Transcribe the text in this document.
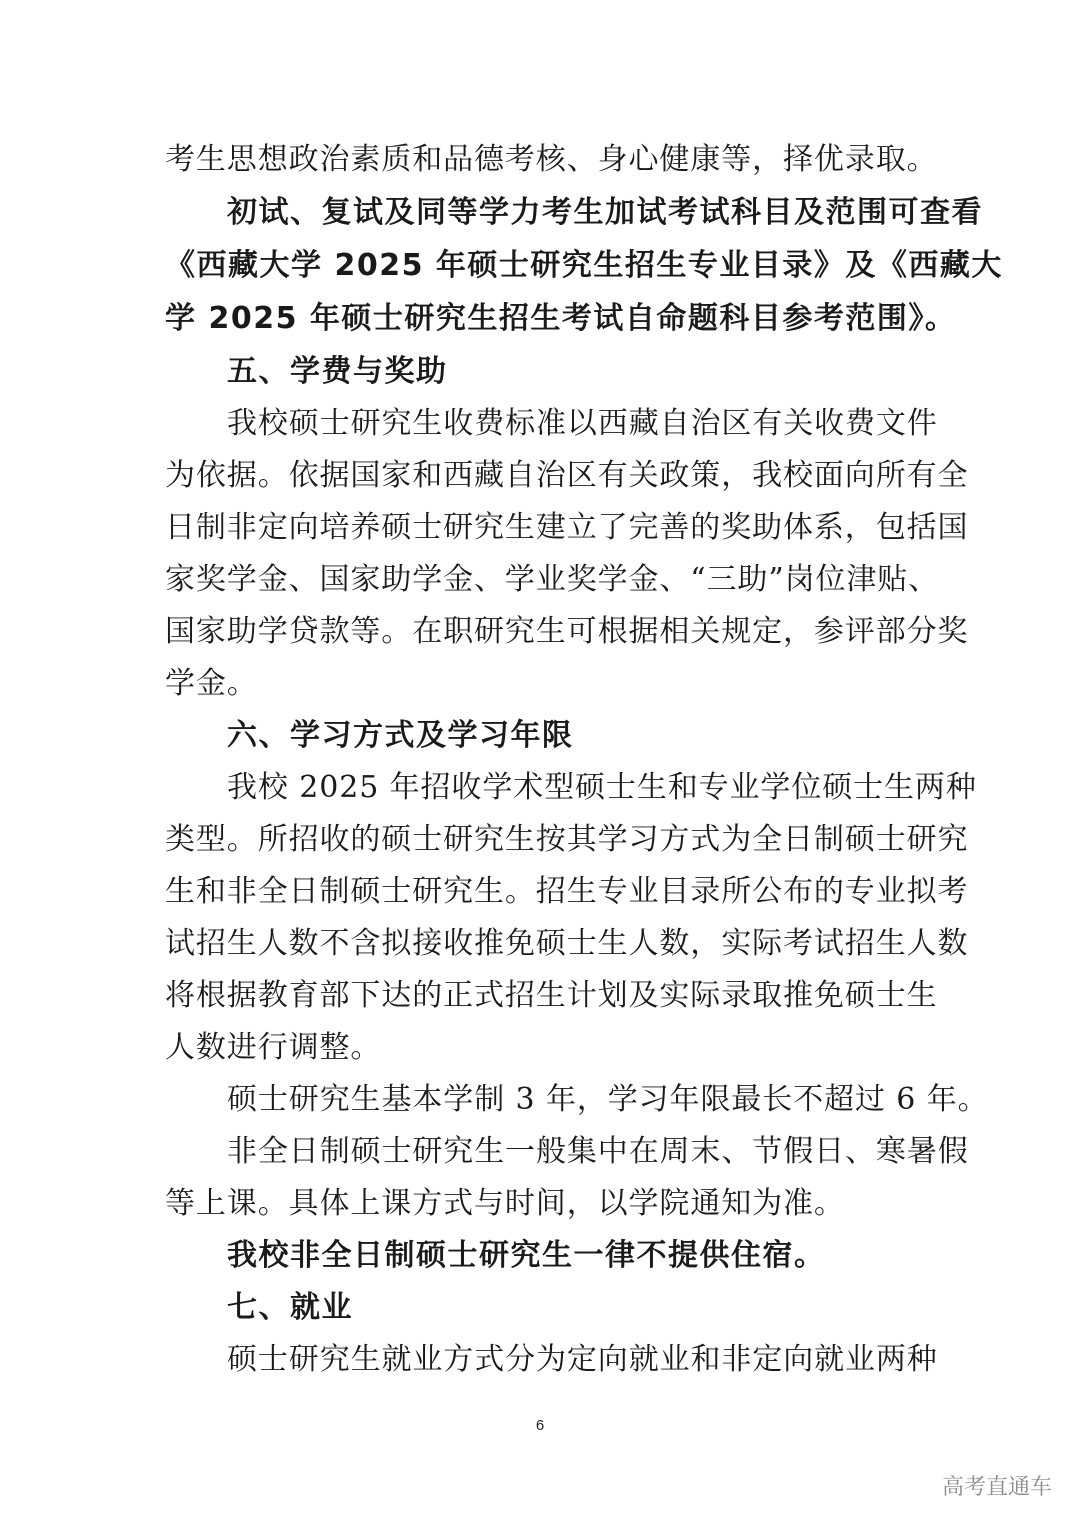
考生思想政治素质和品德考核、身心健康等，择优录取。
初试、复试及同等学力考生加试考试科目及范围可查看
《西藏大学 2025 年硕士研究生招生专业目录》及《西藏大
学 2025 年硕士研究生招生考试自命题科目参考范围》。
五、学费与奖助
我校硕士研究生收费标准以西藏自治区有关收费文件
为依据。依据国家和西藏自治区有关政策，我校面向所有全
日制非定向培养硕士研究生建立了完善的奖助体系，包括国
家奖学金、国家助学金、学业奖学金、“三助”岗位津贴、
国家助学贷款等。在职研究生可根据相关规定，参评部分奖
学金。
六、学习方式及学习年限
我校 2025 年招收学术型硕士生和专业学位硕士生两种
类型。所招收的硕士研究生按其学习方式为全日制硕士研究
生和非全日制硕士研究生。招生专业目录所公布的专业拟考
试招生人数不含拟接收推免硕士生人数，实际考试招生人数
将根据教育部下达的正式招生计划及实际录取推免硕士生
人数进行调整。
硕士研究生基本学制 3 年，学习年限最长不超过 6 年。
非全日制硕士研究生一般集中在周末、节假日、寒暑假
等上课。具体上课方式与时间，以学院通知为准。
我校非全日制硕士研究生一律不提供住宿。
七、就业
硕士研究生就业方式分为定向就业和非定向就业两种
6
高考直通车
